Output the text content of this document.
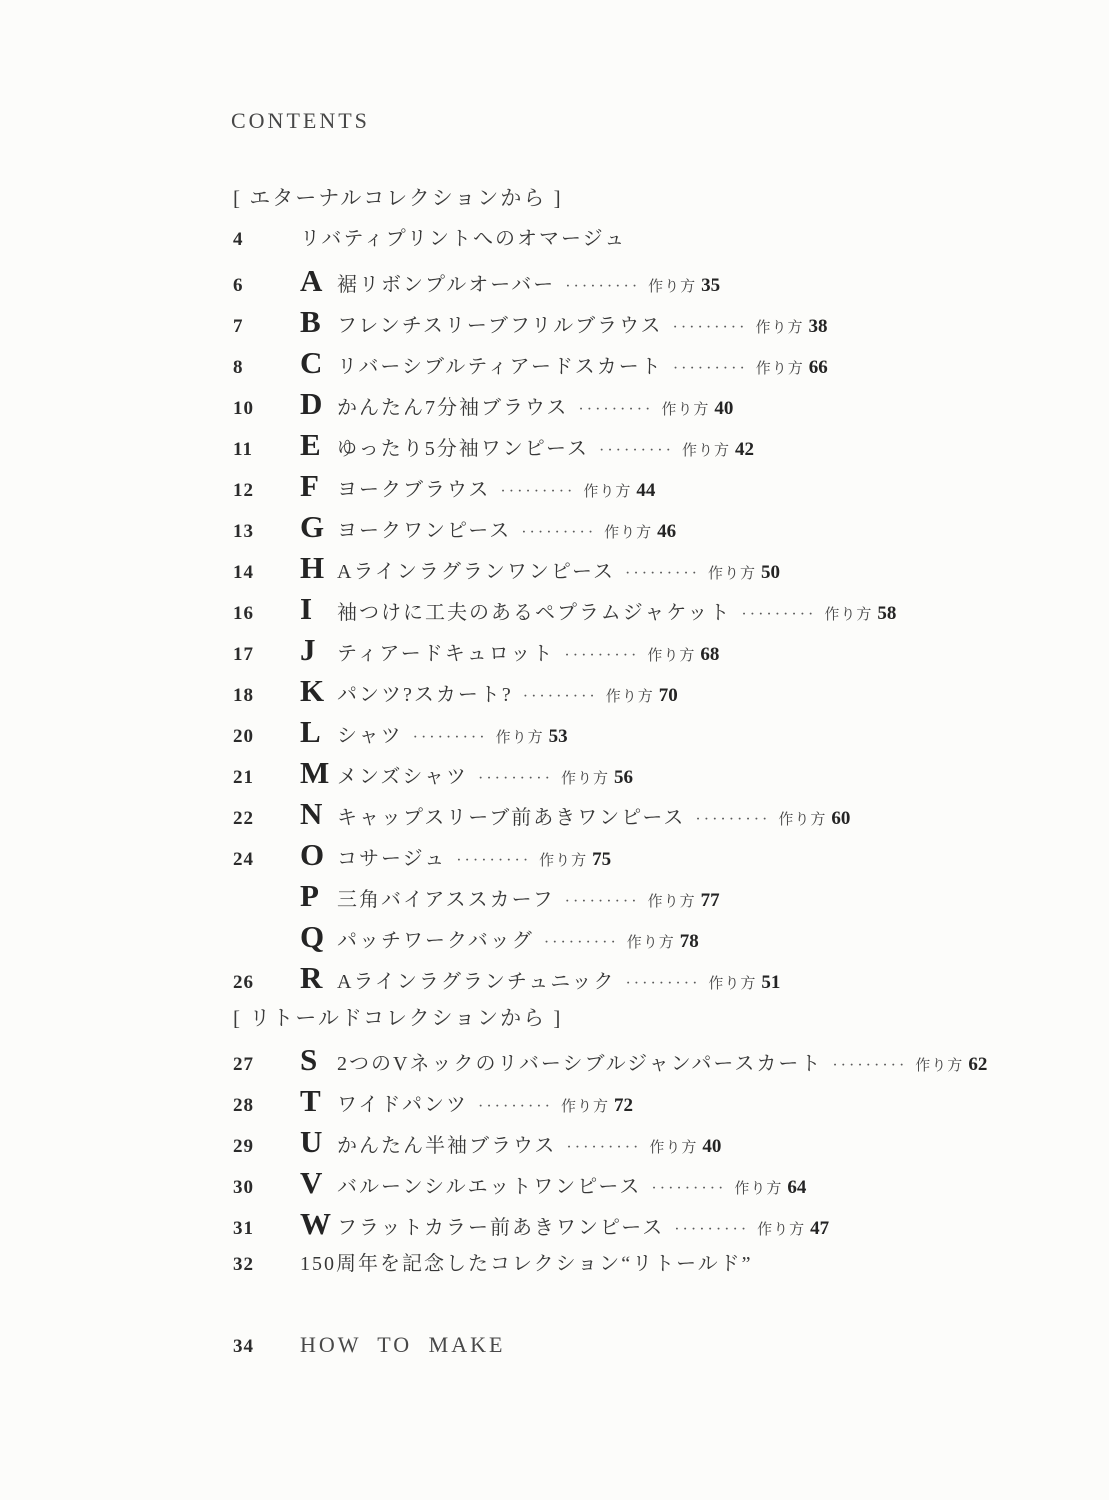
CONTENTS
[ エターナルコレクションから ]
4	リバティプリントへのオマージュ
6	A 裾リボンプルオーバー ········· 作り方 35
7	B フレンチスリーブフリルブラウス ········· 作り方 38
8	C リバーシブルティアードスカート ········· 作り方 66
10	D かんたん7分袖ブラウス ········· 作り方 40
11	E ゆったり5分袖ワンピース ········· 作り方 42
12	F ヨークブラウス ········· 作り方 44
13	G ヨークワンピース ········· 作り方 46
14	H Aラインラグランワンピース ········· 作り方 50
16	I	袖つけに工夫のあるペプラムジャケット ········· 作り方 58
17	J	ティアードキュロット ········· 作り方 68
18	K パンツ?スカート? ········· 作り方 70
20	L シャツ ········· 作り方 53
21	M メンズシャツ ········· 作り方 56
22	N キャップスリーブ前あきワンピース ········· 作り方 60
24	O コサージュ ········· 作り方 75
P 三角バイアススカーフ ········· 作り方 77
Q パッチワークバッグ ········· 作り方 78
26	R Aラインラグランチュニック ········· 作り方 51
[ リトールドコレクションから ]
27	S 2つのVネックのリバーシブルジャンパースカート ········· 作り方 62
28	T ワイドパンツ ········· 作り方 72
29	U かんたん半袖ブラウス ········· 作り方 40
30	V バルーンシルエットワンピース ········· 作り方 64
31	W フラットカラー前あきワンピース ········· 作り方 47
32	150周年を記念したコレクション“リトールド”
34	HOW TO MAKE
